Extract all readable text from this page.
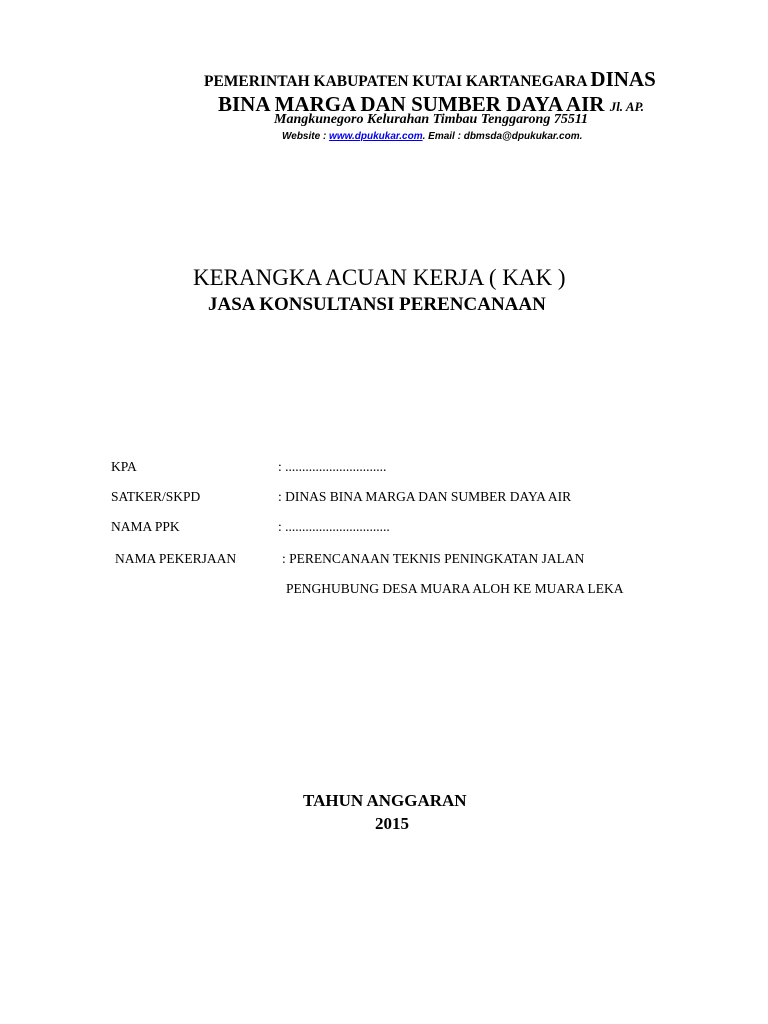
PEMERINTAH KABUPATEN KUTAI KARTANEGARA DINAS
BINA MARGA DAN SUMBER DAYA AIR Jl. AP.
Mangkunegoro Kelurahan Timbau Tenggarong 75511
Website : www.dpukukar.com. Email : dbmsda@dpukukar.com.
KERANGKA ACUAN KERJA ( KAK )
JASA KONSULTANSI PERENCANAAN
KPA	: ..............................
SATKER/SKPD	: DINAS BINA MARGA DAN SUMBER DAYA AIR
NAMA PPK	: ...............................
NAMA PEKERJAAN	: PERENCANAAN TEKNIS PENINGKATAN JALAN
PENGHUBUNG DESA MUARA ALOH KE MUARA LEKA
TAHUN ANGGARAN
2015
